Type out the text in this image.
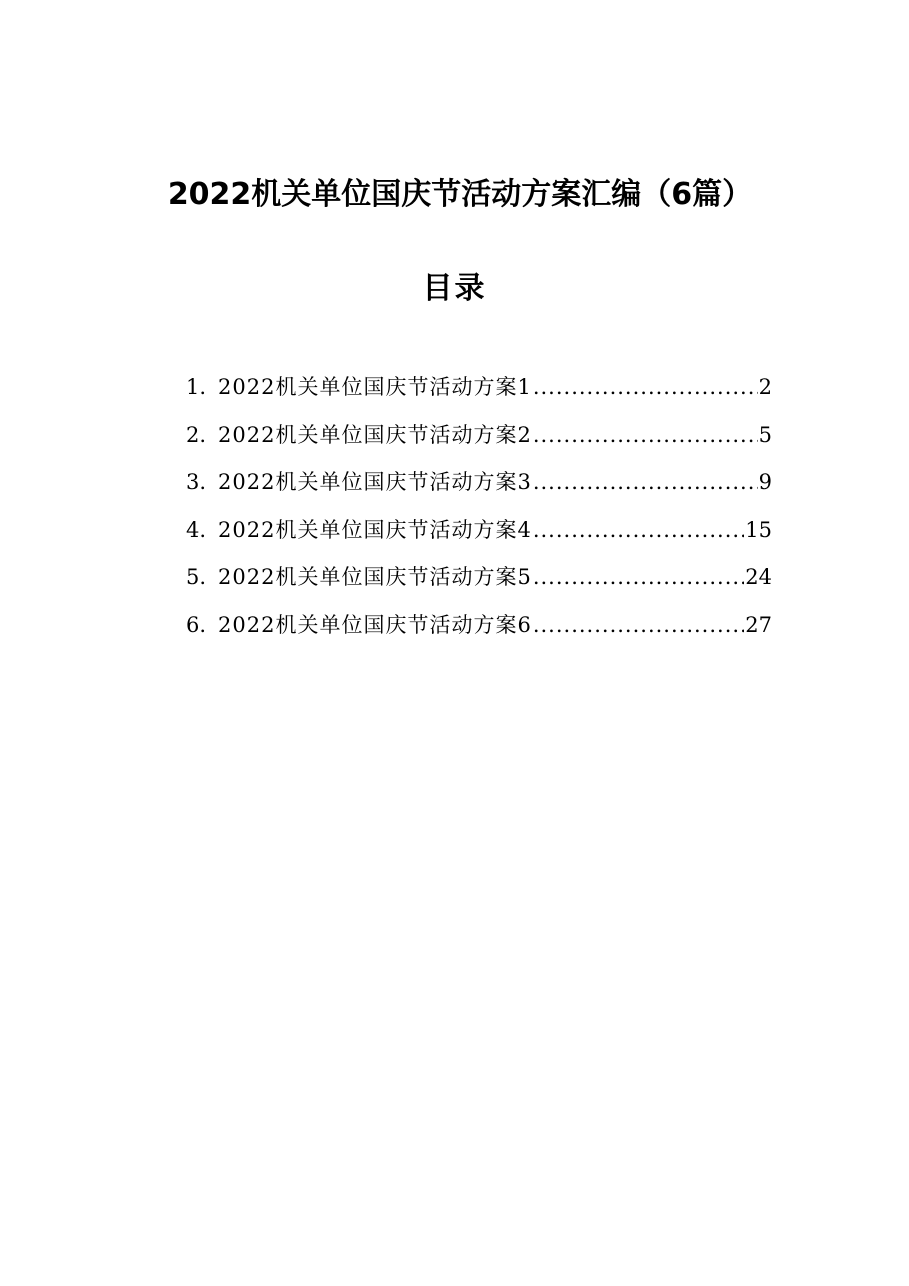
2022机关单位国庆节活动方案汇编（6篇）
目录
1. 2022机关单位国庆节活动方案1 .....	2
2. 2022机关单位国庆节活动方案2 .....	5
3. 2022机关单位国庆节活动方案3 .....	9
4. 2022机关单位国庆节活动方案4 .....	15
5. 2022机关单位国庆节活动方案5 .....	24
6. 2022机关单位国庆节活动方案6 .....	27
